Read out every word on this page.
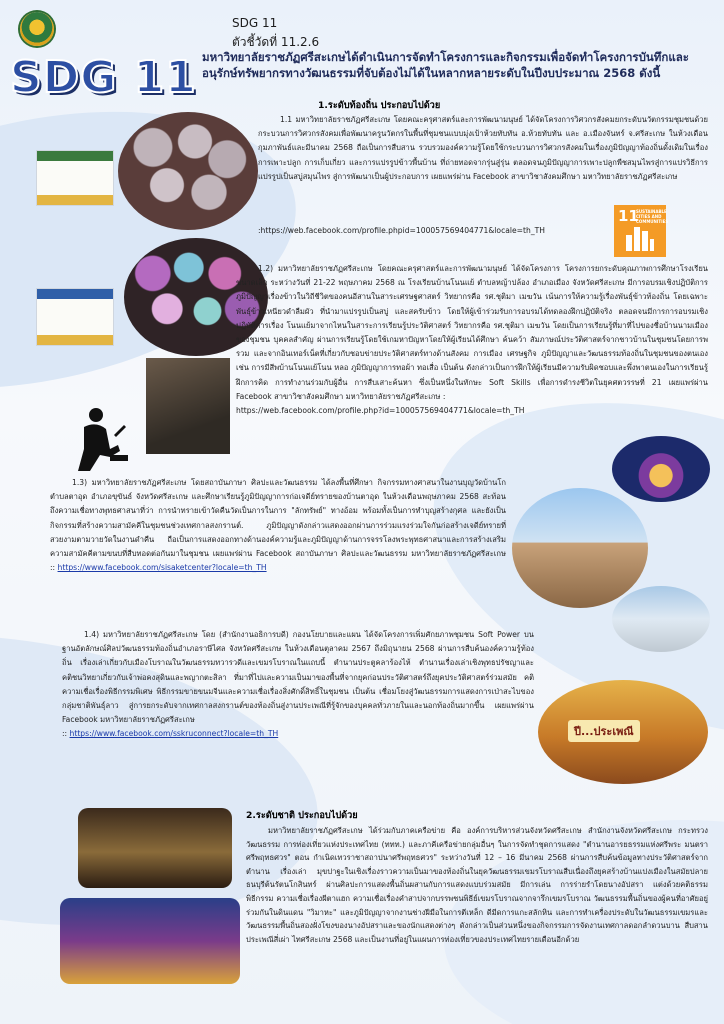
SDG 11
SDG 11
ตัวชี้วัดที่ 11.2.6
มหาวิทยาลัยราชภัฏศรีสะเกษได้ดำเนินการจัดทำโครงการและกิจกรรมเพื่อจัดทำโครงการบันทึกและอนุรักษ์ทรัพยากรทางวัฒนธรรมที่จับต้องไม่ได้ในหลากหลายระดับในปีงบประมาณ 2568 ดังนี้
11
SUSTAINABLE CITIES AND COMMUNITIES
ปี...ประเพณี
1.ระดับท้องถิ่น ประกอบไปด้วย
1.1 มหาวิทยาลัยราชภัฏศรีสะเกษ โดยคณะครุศาสตร์และการพัฒนามนุษย์ ได้จัดโครงการวิศวกรสังคมยกระดับนวัตกรรมชุมชนด้วยกระบวนการวิศวกรสังคมเพื่อพัฒนาครูนวัตกรในพื้นที่ชุมชนแบบมุ่งเป้าห้วยทับทัน อ.ห้วยทับทัน และ อ.เมืองจันทร์ จ.ศรีสะเกษ ในห้วงเดือนกุมภาพันธ์และมีนาคม 2568 ถือเป็นการสืบสาน รวบรวมองค์ความรู้โดยใช้กระบวนการวิศวกรสังคมในเรื่องภูมิปัญญาท้องถิ่นดั้งเดิมในเรื่องการเพาะปลูก การเก็บเกี่ยว และการแปรรูปข้าวพื้นบ้าน ที่ถ่ายทอดจากรุ่นสู่รุ่น ตลอดจนภูมิปัญญาการเพาะปลูกพืชสมุนไพรสู่การแปรวิธีการแปรรูปเป็นสบู่สมุนไพร สู่การพัฒนาเป็นผู้ประกอบการ เผยแพร่ผ่าน Facebook สาขาวิชาสังคมศึกษา มหาวิทยาลัยราชภัฏศรีสะเกษ
:https://web.facebook.com/profile.phpid=100057569404771&locale=th_TH
1.2) มหาวิทยาลัยราชภัฏศรีสะเกษ โดยคณะครุศาสตร์และการพัฒนามนุษย์ ได้จัดโครงการ โครงการยกระดับคุณภาพการศึกษาโรงเรียนขนาดเล็ก ระหว่างวันที่ 21-22 พฤษภาคม 2568 ณ โรงเรียนบ้านโนนแย้ ตำบลหญ้าปล้อง อำเภอเมือง จังหวัดศรีสะเกษ มีการอบรมเชิงปฏิบัติการภูมิปัญญาเรื่องข้าวในวิถีชีวิตของคนอีสานในสาระเศรษฐศาสตร์ วิทยากรคือ รศ.ชุติมา เมฆวัน เน้นการให้ความรู้เรื่องพันธุ์ข้าวท้องถิ่น โดยเฉพาะพันธุ์ข้าวเหนียวดำลืมผัว ที่นำมาแปรรูปเป็นสบู่ และสครับข้าว โดยให้ผู้เข้าร่วมรับการอบรมได้ทดลองฝึกปฏิบัติจริง ตลอดจนมีการการอบรมเชิงปฏิบัติการเรื่อง โนนแย้มาจากไหนในสาระการเรียนรู้ประวัติศาสตร์ วิทยากรคือ รศ.ชุติมา เมฆวัน โดยเป็นการเรียนรู้ที่มาที่ไปของชื่อบ้านนามเมืองของชุมชน บุคคลสำคัญ ผ่านการเรียนรู้โดยใช้เกมหาปัญหาโดยให้ผู้เรียนได้ศึกษา ค้นคว้า สัมภาษณ์ประวัติศาสตร์จากชาวบ้านในชุมชนโดยการพรวม และจากอินเทอร์เน็ตที่เกี่ยวกับชอบข่ายประวัติศาสตร์ทางด้านสังคม การเมือง เศรษฐกิจ ภูมิปัญญาและวัฒนธรรมท้องถิ่นในชุมชนของตนเอง เช่น การมีสีพบ้านโนนแย้โนน หลอ ภูมิปัญญาการทอผ้า ทอเสื่อ เป็นต้น ดังกล่าวเป็นการฝึกให้ผู้เรียนมีความรับผิดชอบและพึ่งพาตนเองในการเรียนรู้ ฝึกการคิด การทำงานร่วมกับผู้อื่น การสืบเสาะค้นหา ซึ่งเป็นหนึ่งในทักษะ Soft Skills เพื่อการดำรงชีวิตในยุคศตวรรษที่ 21 เผยแพร่ผ่าน Facebook สาขาวิชาสังคมศึกษา มหาวิทยาลัยราชภัฏศรีสะเกษ :
https://web.facebook.com/profile.php?id=100057569404771&locale=th_TH
1.3) มหาวิทยาลัยราชภัฏศรีสะเกษ โดยสถาบันภาษา ศิลปะและวัฒนธรรม ได้ลงพื้นที่ศึกษา กิจกรรมทางศาสนาในงานบุญวัดบ้านโก ตำบลตาอุด อำเภอขุขันธ์ จังหวัดศรีสะเกษ และศึกษาเรียนรู้ภูมิปัญญาการก่อเจดีย์ทรายของบ้านตาอุด ในห้วงเดือนพฤษภาคม 2568 สะท้อนถึงความเชื่อทางพุทธศาสนาที่ว่า การนำทรายเข้าวัดคืนวัดเป็นการในการ "ลักทรัพย์" ทางอ้อม พร้อมทั้งเป็นการทำบุญสร้างกุศล และยังเป็นกิจกรรมที่สร้างความสามัคคีในชุมชนช่วงเทศกาลสงกรานต์. ภูมิปัญญาดังกล่าวแสดงออกผ่านการร่วมแรงร่วมใจกันก่อสร้างเจดีย์ทรายที่สวยงามตามวายวัดในงานดำคืน ถือเป็นการแสดงออกทางด้านองค์ความรู้และภูมิปัญญาด้านการจรรโลงพระพุทธศาสนาและการสร้างเสริมความสามัคคีตามขนบที่สืบทอดต่อกันมาในชุมชน เผยแพร่ผ่าน Facebook สถาบันภาษา ศิลปะและวัฒนธรรม มหาวิทยาลัยราชภัฏศรีสะเกษ :: https://www.facebook.com/sisaketcenter?locale=th_TH
1.4) มหาวิทยาลัยราชภัฏศรีสะเกษ โดย (สำนักงานอธิการบดี) กองนโยบายและแผน ได้จัดโครงการเพิ่มศักยภาพชุมชน Soft Power บนฐานอัตลักษณ์ศิลปวัฒนธรรมท้องถิ่นอำเภอราษีไศล จังหวัดศรีสะเกษ ในห้วงเดือนตุลาคม 2567 ถึงมิถุนายน 2568 ผ่านการสืบค้นองค์ความรู้ท้องถิ่น เรื่องเล่าเกี่ยวกับเมืองโบราณในวัฒนธรรมทวารวดีและเขมรโบราณในแถบนี้ ตำนานประตูคลาร้องไห้ ตำนานเรื่องเล่าเชิงพุทธปรัชญาและคติชนวิทยาเกี่ยวกับเจ้าพ่อคงสุดินและพญากตะสิลา ที่มาที่ไปและความเป็นมาของพื้นที่จากยุคก่อนประวัติศาสตร์ถึงยุคประวัติศาสตร์ร่วมสมัย คติความเชื่อเรื่องพิธีกรรมพิเศษ พิธีกรรมขายขนมจีนและความเชื่อเรื่องสิ่งศักดิ์สิทธิ์ในชุมชน เป็นต้น เชื่อมโยงสู่วัฒนธรรมการแสดงการเป่าสะไบของกลุ่มชาติพันธุ์ลาว สู่การยกระดับจากเทศกาลสงกรานต์ของท้องถิ่นสู่งานประเพณีที่รู้จักของบุคคลทั่วภายในและนอกท้องถิ่นมากขึ้น เผยแพร่ผ่าน Facebook มหาวิทยาลัยราชภัฏศรีสะเกษ
:: https://www.facebook.com/sskruconnect?locale=th_TH
2.ระดับชาติ ประกอบไปด้วย
มหาวิทยาลัยราชภัฏศรีสะเกษ ได้ร่วมกับภาคเครือข่าย คือ องค์การบริหารส่วนจังหวัดศรีสะเกษ สำนักงานจังหวัดศรีสะเกษ กระทรวงวัฒนธรรม การท่องเที่ยวแห่งประเทศไทย (ททท.) และภาคีเครือข่ายกลุ่มอื่นๆ ในการจัดทำชุดการแสดง "ตำนานอารยธรรมแห่งศรีพระ มนตราศรีพฤทธศวร" ตอน กำเนิดเทวราชาสถาปนาศรีพฤทธศวร" ระหว่างวันที่ 12 – 16 มีนาคม 2568 ผ่านการสืบค้นข้อมูลทางประวัติศาสตร์จากตำนาน เรื่องเล่า มุขปาฐะในเชิงเรื่องราวความเป็นมาของท้องถิ่นในยุควัฒนธรรมเขมรโบราณสืบเนื่องถึงยุคสร้างบ้านแปงเมืองในสมัยปลายธนบุรีต้นรัตนโกสินทร์ ผ่านศิลปะการแสดงพื้นถิ่นผสานกับการแสดงแบบร่วมสมัย มีการเล่น การร่ายรำโดยนางอัปสรา แต่งด้วยคติธรรม พิธีกรรม ความเชื่อเรื่องผีตาแฮก ความเชื่อเรื่องคำสาปจากบรรพชนพิธีย์เขมรโบราณจากจารึกเขมรโบราณ วัฒนธรรมพื้นถิ่นของผู้คนที่อาศัยอยู่ร่วมกันในดินแดน "วิมาหะ" และภูมิปัญญาจากงานช่างฝีมือในการตีเหล็ก ดีมีดการแกะสลักหิน และการทำเครื่องประดับในวัฒนธรรมเขมรและวัฒนธรรมพื้นถิ่นสองฝั่งโขงของนางอัปสราและของนักแสดงต่างๆ ดังกล่าวเป็นส่วนหนึ่งของกิจกรรมการจัดงานเทศกาลดอกลำดวนบาน สืบสานประเพณีสี่เผ่า ไทศรีสะเกษ 2568 และเป็นงานที่อยู่ในแผนการท่องเที่ยวของประเทศไทยรายเดือนอีกด้วย
